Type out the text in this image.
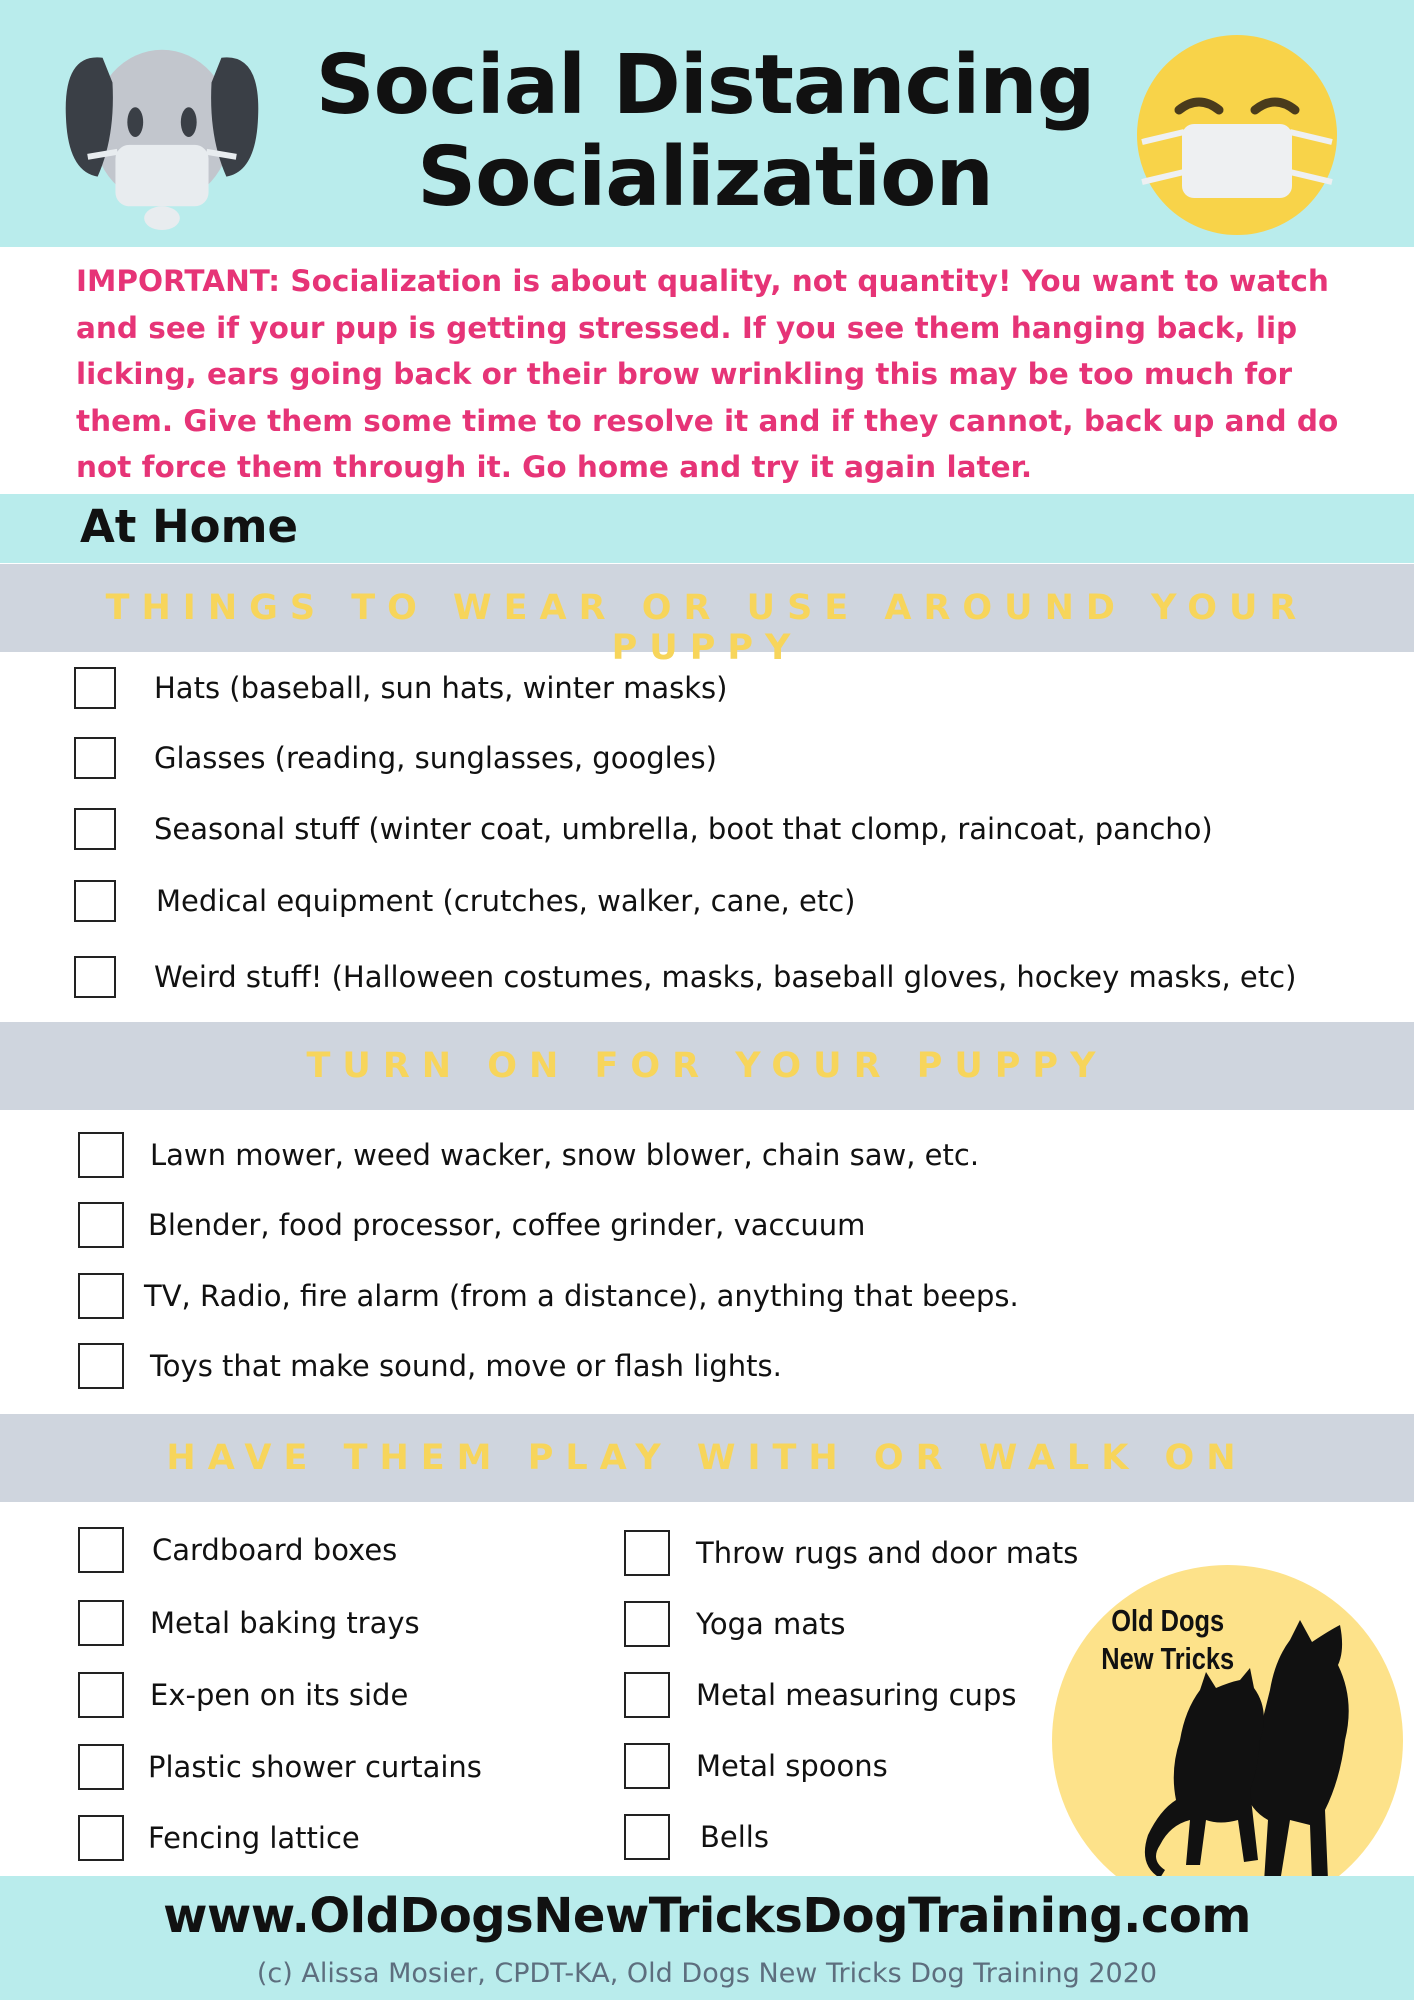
Social Distancing
Socialization
IMPORTANT: Socialization is about quality, not quantity! You want to watch and see if your pup is getting stressed. If you see them hanging back, lip licking, ears going back or their brow wrinkling this may be too much for them. Give them some time to resolve it and if they cannot, back up and do not force them through it. Go home and try it again later.
At Home
THINGS TO WEAR OR USE AROUND YOUR PUPPY
Hats (baseball, sun hats, winter masks)
Glasses (reading, sunglasses, googles)
Seasonal stuff (winter coat, umbrella, boot that clomp, raincoat, pancho)
Medical equipment (crutches, walker, cane, etc)
Weird stuff! (Halloween costumes, masks, baseball gloves, hockey masks, etc)
TURN ON FOR YOUR PUPPY
Lawn mower, weed wacker, snow blower, chain saw, etc.
Blender, food processor, coffee grinder, vaccuum
TV, Radio, fire alarm (from a distance), anything that beeps.
Toys that make sound, move or flash lights.
HAVE THEM PLAY WITH OR WALK ON
Cardboard boxes
Metal baking trays
Ex-pen on its side
Plastic shower curtains
Fencing lattice
Throw rugs and door mats
Yoga mats
Metal measuring cups
Metal spoons
Bells
Old Dogs
New Tricks
www.OldDogsNewTricksDogTraining.com
(c) Alissa Mosier, CPDT-KA, Old Dogs New Tricks Dog Training 2020
